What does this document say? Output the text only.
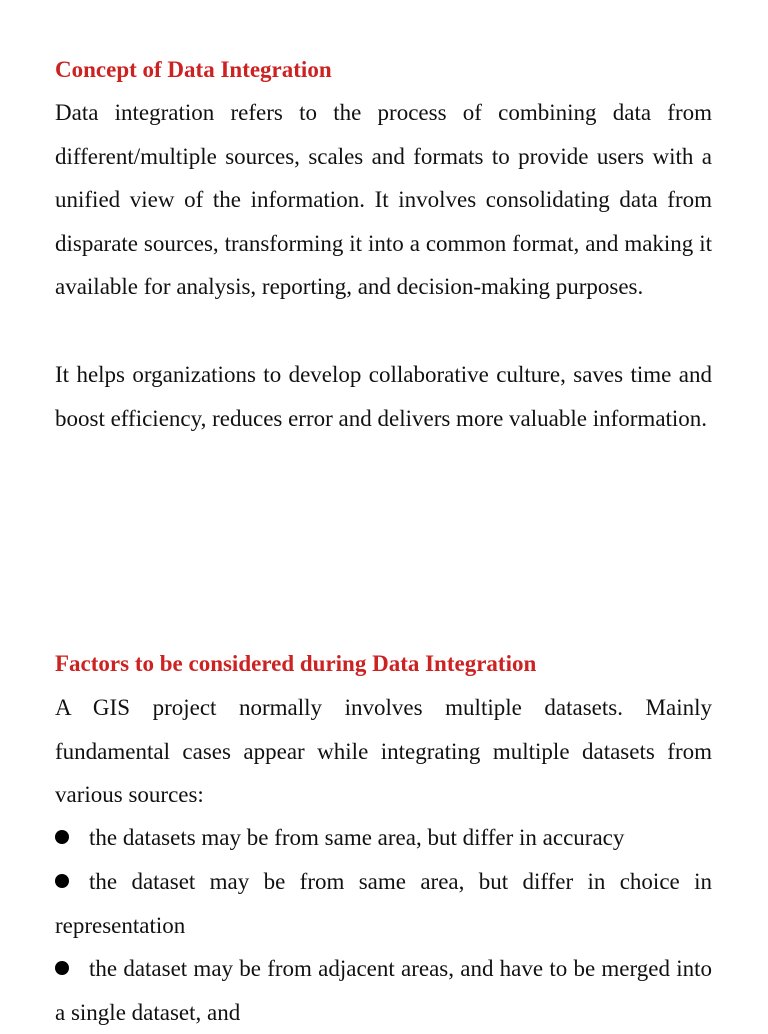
Concept of Data Integration

Data integration refers to the process of combining data from different/multiple sources, scales and formats to provide users with a unified view of the information. It involves consolidating data from disparate sources, transforming it into a common format, and making it available for analysis, reporting, and decision-making purposes.

It helps organizations to develop collaborative culture, saves time and boost efficiency, reduces error and delivers more valuable information.

Factors to be considered during Data Integration

A GIS project normally involves multiple datasets. Mainly fundamental cases appear while integrating multiple datasets from various sources:

the datasets may be from same area, but differ in accuracy

the dataset may be from same area, but differ in choice in representation

the dataset may be from adjacent areas, and have to be merged into a single dataset, and
